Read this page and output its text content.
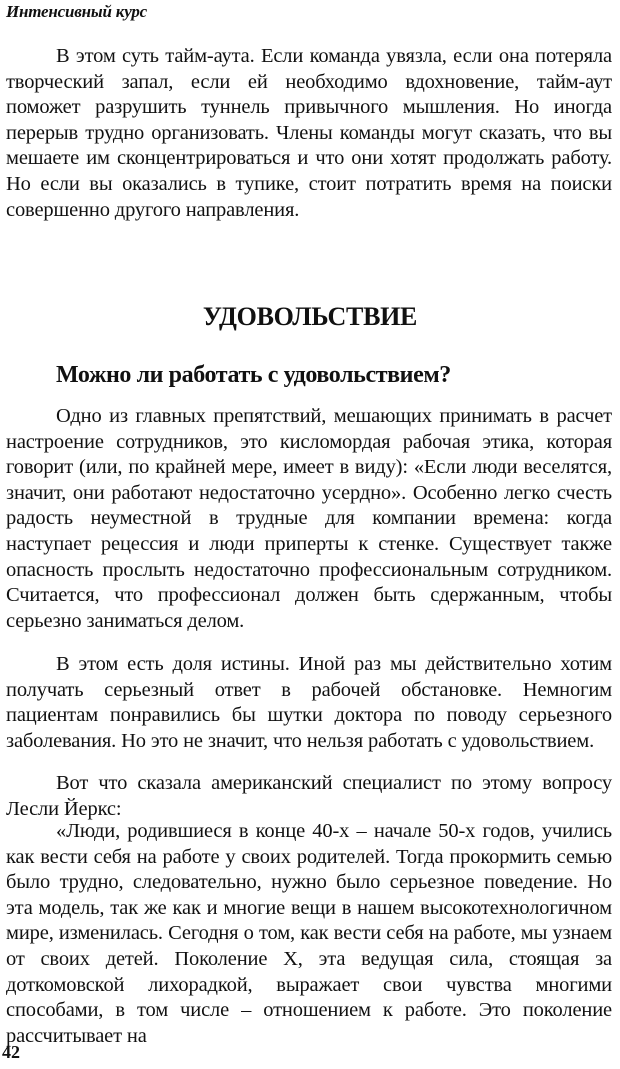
Интенсивный курс

В этом суть тайм-аута. Если команда увязла, если она потеряла творческий запал, если ей необходимо вдохновение, тайм-аут поможет разрушить туннель привычного мышления. Но иногда перерыв трудно организовать. Члены команды могут сказать, что вы мешаете им сконцентрироваться и что они хотят продолжать работу. Но если вы оказались в тупике, стоит потратить время на поиски совершенно другого направления.

УДОВОЛЬСТВИЕ
Можно ли работать с удовольствием?

Одно из главных препятствий, мешающих принимать в расчет настроение сотрудников, это кисломордая рабочая этика, которая говорит (или, по крайней мере, имеет в виду): «Если люди веселятся, значит, они работают недостаточно усердно». Особенно легко счесть радость неуместной в трудные для компании времена: когда наступает рецессия и люди приперты к стенке. Существует также опасность прослыть недостаточно профессиональным сотрудником. Считается, что профессионал должен быть сдержанным, чтобы серьезно заниматься делом.

В этом есть доля истины. Иной раз мы действительно хотим получать серьезный ответ в рабочей обстановке. Немногим пациентам понравились бы шутки доктора по поводу серьезного заболевания. Но это не значит, что нельзя работать с удовольствием.

Вот что сказала американский специалист по этому вопросу Лесли Йеркс:

«Люди, родившиеся в конце 40-х – начале 50-х годов, учились как вести себя на работе у своих родителей. Тогда прокормить семью было трудно, следовательно, нужно было серьезное поведение. Но эта модель, так же как и многие вещи в нашем высокотехнологичном мире, изменилась. Сегодня о том, как вести себя на работе, мы узнаем от своих детей. Поколение X, эта ведущая сила, стоящая за доткомовской лихорадкой, выражает свои чувства многими способами, в том числе – отношением к работе. Это поколение рассчитывает на

42
